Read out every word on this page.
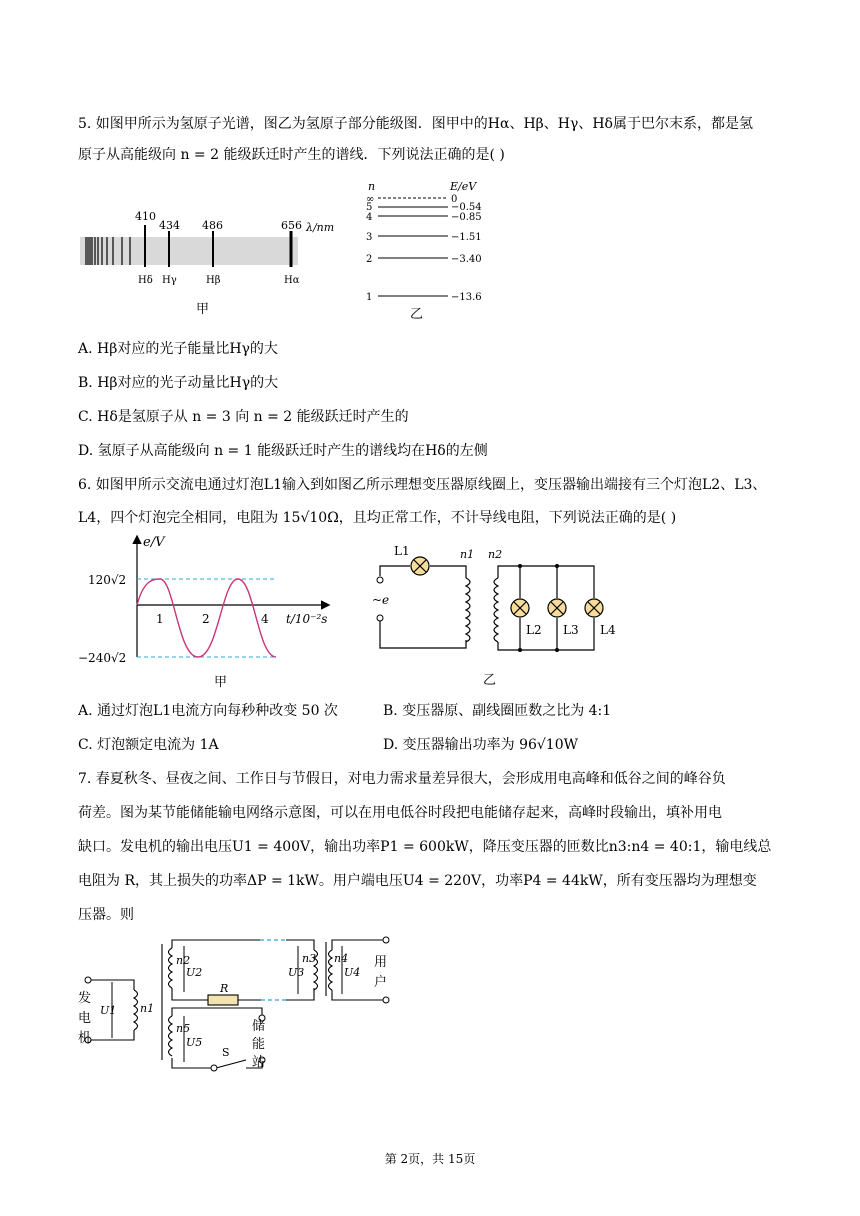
5. 如图甲所示为氢原子光谱，图乙为氢原子部分能级图．图甲中的Hα、Hβ、Hγ、Hδ属于巴尔末系，都是氢
原子从高能级向 n = 2 能级跃迁时产生的谱线．下列说法正确的是( )
410
434 486	656 λ/nm
Hδ Hγ	Hβ	Hα
甲
n	E/eV
∞	0
5	−0.54
4	−0.85
3	−1.51
2	−3.40
1	−13.6
乙
A. Hβ对应的光子能量比Hγ的大
B. Hβ对应的光子动量比Hγ的大
C. Hδ是氢原子从 n = 3 向 n = 2 能级跃迁时产生的
D. 氢原子从高能级向 n = 1 能级跃迁时产生的谱线均在Hδ的左侧
6. 如图甲所示交流电通过灯泡L1输入到如图乙所示理想变压器原线圈上，变压器输出端接有三个灯泡L2、L3、
L4，四个灯泡完全相同，电阻为 15√10Ω，且均正常工作，不计导线电阻，下列说法正确的是( )
e/V
t/10⁻²s
120√2
−240√2
1	2	4
甲
L1	n1 n2
~e
L2 L3 L4
乙
A. 通过灯泡L1电流方向每秒种改变 50 次	B. 变压器原、副线圈匝数之比为 4:1
C. 灯泡额定电流为 1A	D. 变压器输出功率为 96√10W
7. 春夏秋冬、昼夜之间、工作日与节假日，对电力需求量差异很大，会形成用电高峰和低谷之间的峰谷负
荷差。图为某节能储能输电网络示意图，可以在用电低谷时段把电能储存起来，高峰时段输出，填补用电
缺口。发电机的输出电压U1 = 400V，输出功率P1 = 600kW，降压变压器的匝数比n3:n4 = 40:1，输电线总
电阻为 R，其上损失的功率ΔP = 1kW。用户端电压U4 = 220V，功率P4 = 44kW，所有变压器均为理想变
压器。则
发
电
机
用
户
储
能
站
U1 n1
n2
U2
R
n3
U3
n4
U4
n5
U5
S
第 2页，共 15页
